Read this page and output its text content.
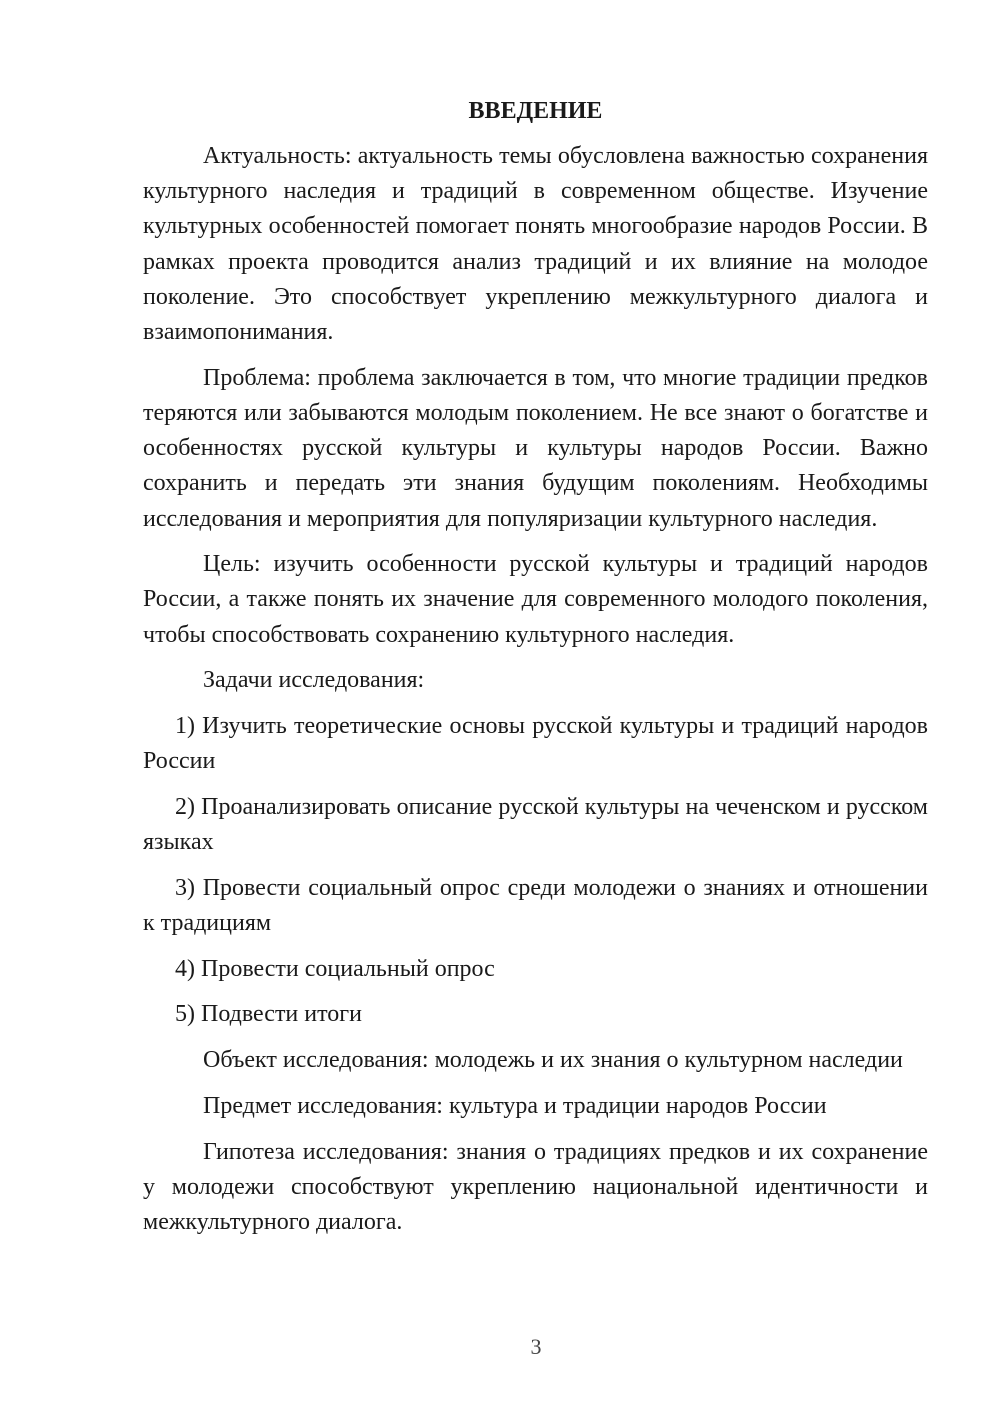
ВВЕДЕНИЕ

Актуальность: актуальность темы обусловлена важностью сохранения культурного наследия и традиций в современном обществе. Изучение культурных особенностей помогает понять многообразие народов России. В рамках проекта проводится анализ традиций и их влияние на молодое поколение. Это способствует укреплению межкультурного диалога и взаимопонимания.

Проблема: проблема заключается в том, что многие традиции предков теряются или забываются молодым поколением. Не все знают о богатстве и особенностях русской культуры и культуры народов России. Важно сохранить и передать эти знания будущим поколениям. Необходимы исследования и мероприятия для популяризации культурного наследия.

Цель: изучить особенности русской культуры и традиций народов России, а также понять их значение для современного молодого поколения, чтобы способствовать сохранению культурного наследия.

Задачи исследования:

1) Изучить теоретические основы русской культуры и традиций народов России

2) Проанализировать описание русской культуры на чеченском и русском языках

3) Провести социальный опрос среди молодежи о знаниях и отношении к традициям

4) Провести социальный опрос

5) Подвести итоги

Объект исследования: молодежь и их знания о культурном наследии

Предмет исследования: культура и традиции народов России

Гипотеза исследования: знания о традициях предков и их сохранение у молодежи способствуют укреплению национальной идентичности и межкультурного диалога.

3
